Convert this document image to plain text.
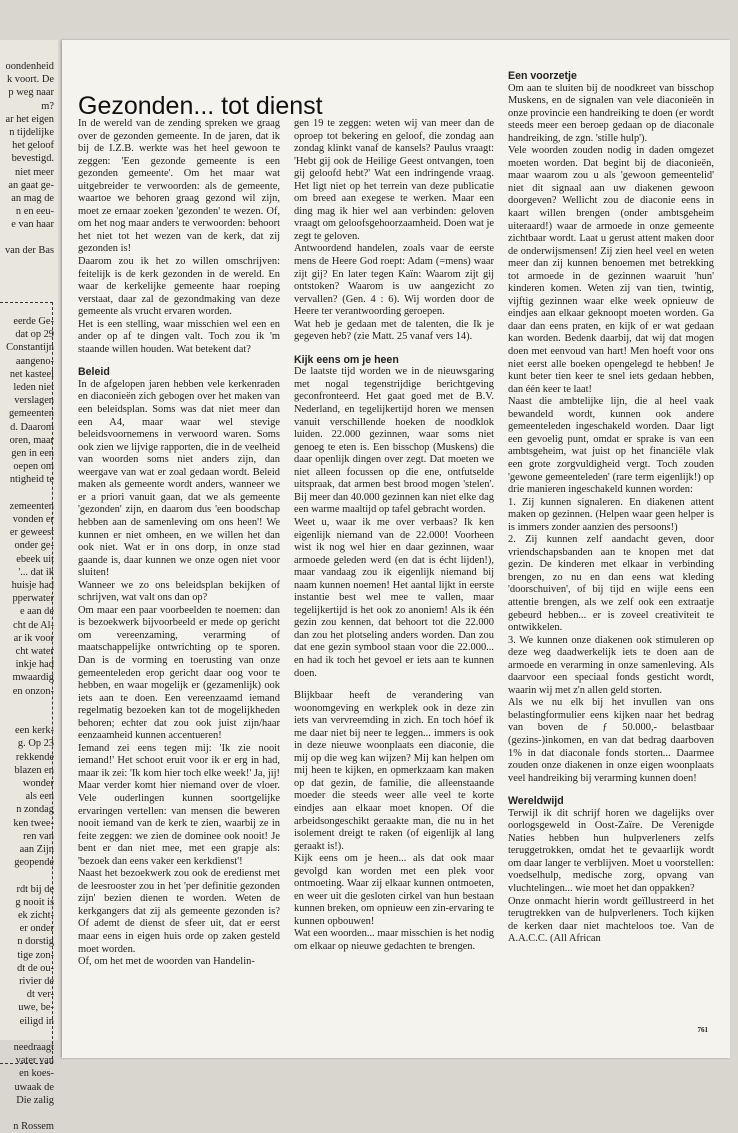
oondenheid
k voort. De
p weg naar
m?
ar het eigen
n tijdelijke
het geloof
bevestigd.
niet meer
an gaat ge-
an mag de
n en eeu-
e van haar
van der Bas
eerde Ge-
dat op 29
Constantijn
aangeno-
net kasteel
leden niet
verslagen
gemeenten
d. Daarom
oren, maar
gen in een
oepen om
ntigheid te
zemeenten
vonden er
er geweest
onder ge-
ebeek uit
'... dat ik
huisje had
pperwater
e aan de
cht de Al-
ar ik voor
cht water
inkje had
mwaardig
en onzon-
een kerk-
g. Op 23
rekkende
blazen en
wonder
als een
n zondag
ken twee-
ren van
aan Zijn
geopende
rdt bij de
g nooit is
ek zicht-
er onder
n dorstig
tige zon-
dt de ou-
rivier de
dt ver-
uwe, be-
eiligd in
needraagt
vater van
en koes-
uwaak de
Die zalig
n Rossem
Gezonden... tot dienst

In de wereld van de zending spreken we graag over de gezonden gemeente. In de jaren, dat ik bij de I.Z.B. werkte was het heel gewoon te zeggen: 'Een gezonde gemeente is een gezonden gemeente'. Om het maar wat uitgebreider te verwoorden: als de gemeente, waartoe we behoren graag gezond wil zijn, moet ze ernaar zoeken 'gezonden' te wezen. Of, om het nog maar anders te verwoorden: behoort het niet tot het wezen van de kerk, dat zij gezonden is!

Daarom zou ik het zo willen omschrijven: feitelijk is de kerk gezonden in de wereld. En waar de kerkelijke gemeente haar roeping verstaat, daar zal de gezondmaking van deze gemeente als vrucht ervaren worden.

Het is een stelling, waar misschien wel een en ander op af te dingen valt. Toch zou ik 'm staande willen houden. Wat betekent dat?

Beleid

In de afgelopen jaren hebben vele kerkenraden en diaconieën zich gebogen over het maken van een beleidsplan. Soms was dat niet meer dan een A4, maar waar wel stevige beleidsvoornemens in verwoord waren. Soms ook zien we lijvige rapporten, die in de veelheid van woorden soms niet anders zijn, dan weergave van wat er zoal gedaan wordt. Beleid maken als gemeente wordt anders, wanneer we er a priori vanuit gaan, dat we als gemeente 'gezonden' zijn, en daarom dus 'een boodschap hebben aan de samenleving om ons heen'! We kunnen er niet omheen, en we willen het dan ook niet. Wat er in ons dorp, in onze stad gaande is, daar kunnen we onze ogen niet voor sluiten!

Wanneer we zo ons beleidsplan bekijken of schrijven, wat valt ons dan op?

Om maar een paar voorbeelden te noemen: dan is bezoekwerk bijvoorbeeld er mede op gericht om vereenzaming, verarming of maatschappelijke ontwrichting op te sporen. Dan is de vorming en toerusting van onze gemeenteleden erop gericht daar oog voor te hebben, en waar mogelijk er (gezamenlijk) ook iets aan te doen. Een vereenzaamd iemand regelmatig bezoeken kan tot de mogelijkheden behoren; echter dat zou ook juist zijn/haar eenzaamheid kunnen accentueren!

Iemand zei eens tegen mij: 'Ik zie nooit iemand!' Het schoot eruit voor ik er erg in had, maar ik zei: 'Ik kom hier toch elke week!' Ja, jij! Maar verder komt hier niemand over de vloer. Vele ouderlingen kunnen soortgelijke ervaringen vertellen: van mensen die beweren nooit iemand van de kerk te zien, waarbij ze in feite zeggen: we zien de dominee ook nooit! Je bent er dan niet mee, met een grapje als: 'bezoek dan eens vaker een kerkdienst'!

Naast het bezoekwerk zou ook de eredienst met de leesrooster zou in het 'per definitie gezonden zijn' bezien dienen te worden. Weten de kerkgangers dat zij als gemeente gezonden is? Of ademt de dienst de sfeer uit, dat er eerst maar eens in eigen huis orde op zaken gesteld moet worden.

Of, om het met de woorden van Handelin-

gen 19 te zeggen: weten wij van meer dan de oproep tot bekering en geloof, die zondag aan zondag klinkt vanaf de kansels? Paulus vraagt: 'Hebt gij ook de Heilige Geest ontvangen, toen gij geloofd hebt?' Wat een indringende vraag. Het ligt niet op het terrein van deze publicatie om breed aan exegese te werken. Maar een ding mag ik hier wel aan verbinden: geloven vraagt om geloofsgehoorzaamheid. Doen wat je zegt te geloven.

Antwoordend handelen, zoals vaar de eerste mens de Heere God roept: Adam (=mens) waar zijt gij? En later tegen Kaïn: Waarom zijt gij ontstoken? Waarom is uw aangezicht zo vervallen? (Gen. 4 : 6). Wij worden door de Heere ter verantwoording geroepen.

Wat heb je gedaan met de talenten, die Ik je gegeven heb? (zie Matt. 25 vanaf vers 14).

Kijk eens om je heen

De laatste tijd worden we in de nieuwsgaring met nogal tegenstrijdige berichtgeving geconfronteerd. Het gaat goed met de B.V. Nederland, en tegelijkertijd horen we mensen vanuit verschillende hoeken de noodklok luiden. 22.000 gezinnen, waar soms niet genoeg te eten is. Een bisschop (Muskens) die daar openlijk dingen over zegt. Dat moeten we niet alleen focussen op die ene, ontfutselde uitspraak, dat armen best brood mogen 'stelen'. Bij meer dan 40.000 gezinnen kan niet elke dag een warme maaltijd op tafel gebracht worden.

Weet u, waar ik me over verbaas? Ik ken eigenlijk niemand van de 22.000! Voorheen wist ik nog wel hier en daar gezinnen, waar armoede geleden werd (en dat is écht lijden!), maar vandaag zou ik eigenlijk niemand bij naam kunnen noemen! Het aantal lijkt in eerste instantie best wel mee te vallen, maar tegelijkertijd is het ook zo anoniem! Als ik één gezin zou kennen, dat behoort tot die 22.000 dan zou het plotseling anders worden. Dan zou dat ene gezin symbool staan voor die 22.000... en had ik toch het gevoel er iets aan te kunnen doen.

Blijkbaar heeft de verandering van woonomgeving en werkplek ook in deze zin iets van vervreemding in zich. En toch hóef ik me daar niet bij neer te leggen... immers is ook in deze nieuwe woonplaats een diaconie, die mij op die weg kan wijzen? Mij kan helpen om mij heen te kijken, en opmerkzaam kan maken op dat gezin, de familie, die alleenstaande moeder die steeds weer alle veel te korte eindjes aan elkaar moet knopen. Of die arbeidsongeschikt geraakte man, die nu in het isolement dreigt te raken (of eigenlijk al lang geraakt is!).

Kijk eens om je heen... als dat ook maar gevolgd kan worden met een plek voor ontmoeting. Waar zij elkaar kunnen ontmoeten, en weer uit die gesloten cirkel van hun bestaan kunnen breken, om opnieuw een zin-ervaring te kunnen opbouwen!

Wat een woorden... maar misschien is het nodig om elkaar op nieuwe gedachten te brengen.

Een voorzetje

Om aan te sluiten bij de noodkreet van bisschop Muskens, en de signalen van vele diaconieën in onze provincie een handreiking te doen (er wordt steeds meer een beroep gedaan op de diaconale handreiking, de zgn. 'stille hulp').

Vele woorden zouden nodig in daden omgezet moeten worden. Dat begint bij de diaconieën, maar waarom zou u als 'gewoon gemeentelid' niet dit signaal aan uw diakenen gewoon doorgeven? Wellicht zou de diaconie eens in kaart willen brengen (onder ambtsgeheim uiteraard!) waar de armoede in onze gemeente zichtbaar wordt. Laat u gerust attent maken door de onderwijsmensen! Zij zien heel veel en weten meer dan zij kunnen benoemen met betrekking tot armoede in de gezinnen waaruit 'hun' kinderen komen. Weten zij van tien, twintig, vijftig gezinnen waar elke week opnieuw de eindjes aan elkaar geknoopt moeten worden. Ga daar dan eens praten, en kijk of er wat gedaan kan worden. Bedenk daarbij, dat wij dat mogen doen met eenvoud van hart! Men hoeft voor ons niet eerst alle boeken opengelegd te hebben! Je kunt beter tien keer te snel iets gedaan hebben, dan één keer te laat!

Naast die ambtelijke lijn, die al heel vaak bewandeld wordt, kunnen ook andere gemeenteleden ingeschakeld worden. Daar ligt een gevoelig punt, omdat er sprake is van een ambtsgeheim, wat juist op het financiële vlak een grote zorgvuldigheid vergt. Toch zouden 'gewone gemeenteleden' (rare term eigenlijk!) op drie manieren ingeschakeld kunnen worden:

1. Zij kunnen signaleren. En diakenen attent maken op gezinnen. (Helpen waar geen helper is is immers zonder aanzien des persoons!)

2. Zij kunnen zelf aandacht geven, door vriendschapsbanden aan te knopen met dat gezin. De kinderen met elkaar in verbinding brengen, zo nu en dan eens wat kleding 'doorschuiven', of bij tijd en wijle eens een attentie brengen, als we zelf ook een extraatje gebeurd hebben... er is zoveel creativiteit te ontwikkelen.

3. We kunnen onze diakenen ook stimuleren op deze weg daadwerkelijk iets te doen aan de armoede en verarming in onze samenleving. Als daarvoor een speciaal fonds gesticht wordt, waarin wij met z'n allen geld storten.

Als we nu elk bij het invullen van ons belastingformulier eens kijken naar het bedrag van boven de ƒ 50.000,- belastbaar (gezins-)inkomen, en van dat bedrag daarboven 1% in dat diaconale fonds storten... Daarmee zouden onze diakenen in onze eigen woonplaats veel handreiking bij verarming kunnen doen!

Wereldwijd

Terwijl ik dit schrijf horen we dagelijks over oorlogsgeweld in Oost-Zaïre. De Verenigde Naties hebben hun hulpverleners zelfs teruggetrokken, omdat het te gevaarlijk wordt om daar langer te verblijven. Moet u voorstellen: voedselhulp, medische zorg, opvang van vluchtelingen... wie moet het dan oppakken?

Onze onmacht hierin wordt geïllustreerd in het terugtrekken van de hulpverleners. Toch kijken de kerken daar niet machteloos toe. Van de A.A.C.C. (All African

761
